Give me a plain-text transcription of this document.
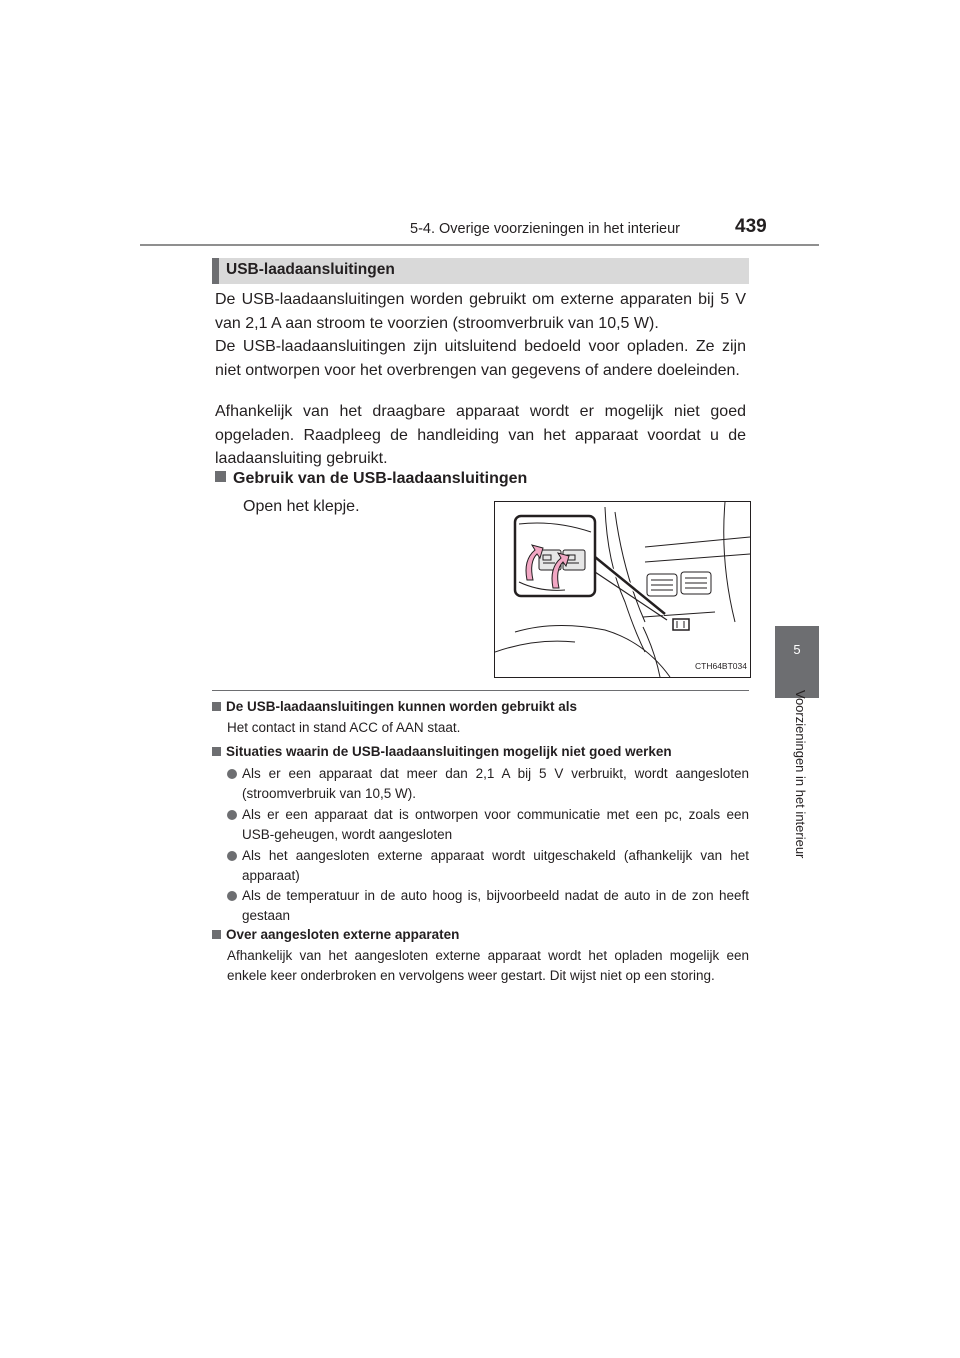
5-4. Overige voorzieningen in het interieur	439
5
Voorzieningen in het interieur
USB-laadaansluitingen
De USB-laadaansluitingen worden gebruikt om externe apparaten bij 5 V van 2,1 A aan stroom te voorzien (stroomverbruik van 10,5 W).
De USB-laadaansluitingen zijn uitsluitend bedoeld voor opladen. Ze zijn niet ontworpen voor het overbrengen van gegevens of andere doeleinden.
Afhankelijk van het draagbare apparaat wordt er mogelijk niet goed opgeladen. Raadpleeg de handleiding van het apparaat voordat u de laadaansluiting gebruikt.
Gebruik van de USB-laadaansluitingen
Open het klepje.
CTH64BT034
De USB-laadaansluitingen kunnen worden gebruikt als
Het contact in stand ACC of AAN staat.
Situaties waarin de USB-laadaansluitingen mogelijk niet goed werken
Als er een apparaat dat meer dan 2,1 A bij 5 V verbruikt, wordt aangesloten (stroomverbruik van 10,5 W).
Als er een apparaat dat is ontworpen voor communicatie met een pc, zoals een USB-geheugen, wordt aangesloten
Als het aangesloten externe apparaat wordt uitgeschakeld (afhankelijk van het apparaat)
Als de temperatuur in de auto hoog is, bijvoorbeeld nadat de auto in de zon heeft gestaan
Over aangesloten externe apparaten
Afhankelijk van het aangesloten externe apparaat wordt het opladen mogelijk een enkele keer onderbroken en vervolgens weer gestart. Dit wijst niet op een storing.
